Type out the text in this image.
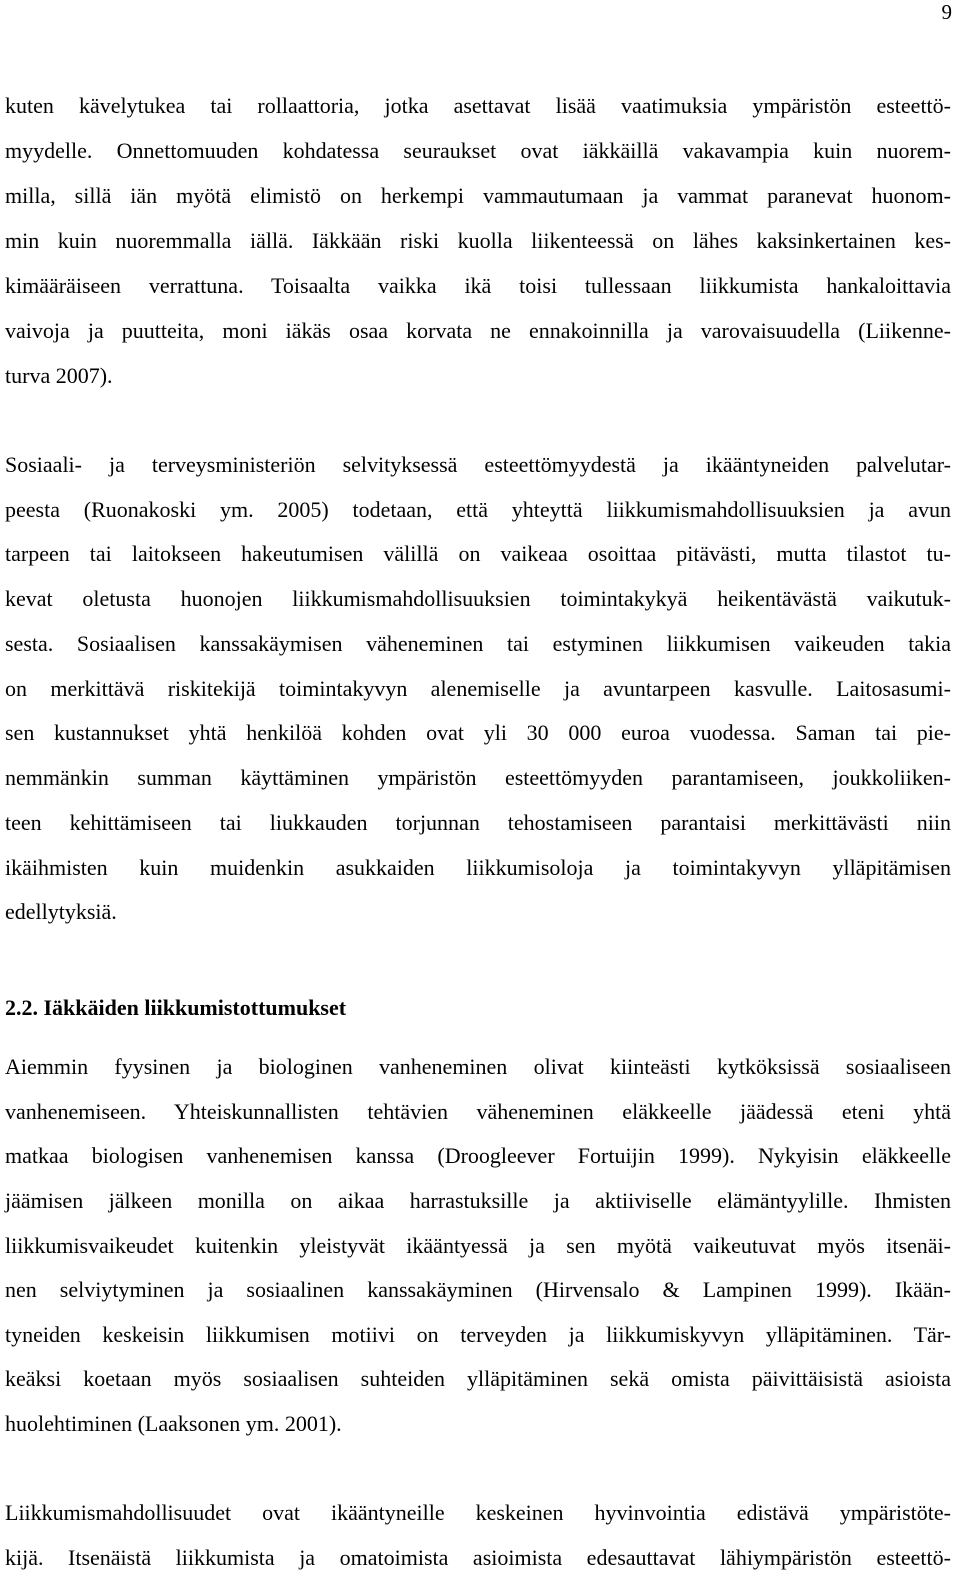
9
kuten kävelytukea tai rollaattoria, jotka asettavat lisää vaatimuksia ympäristön esteettö-
myydelle. Onnettomuuden kohdatessa seuraukset ovat iäkkäillä vakavampia kuin nuorem-
milla, sillä iän myötä elimistö on herkempi vammautumaan ja vammat paranevat huonom-
min kuin nuoremmalla iällä. Iäkkään riski kuolla liikenteessä on lähes kaksinkertainen kes-
kimääräiseen verrattuna. Toisaalta vaikka ikä toisi tullessaan liikkumista hankaloittavia
vaivoja ja puutteita, moni iäkäs osaa korvata ne ennakoinnilla ja varovaisuudella (Liikenne-
turva 2007).
Sosiaali- ja terveysministeriön selvityksessä esteettömyydestä ja ikääntyneiden palvelutar-
peesta (Ruonakoski ym. 2005) todetaan, että yhteyttä liikkumismahdollisuuksien ja avun
tarpeen tai laitokseen hakeutumisen välillä on vaikeaa osoittaa pitävästi, mutta tilastot tu-
kevat oletusta huonojen liikkumismahdollisuuksien toimintakykyä heikentävästä vaikutuk-
sesta. Sosiaalisen kanssakäymisen väheneminen tai estyminen liikkumisen vaikeuden takia
on merkittävä riskitekijä toimintakyvyn alenemiselle ja avuntarpeen kasvulle. Laitosasumi-
sen kustannukset yhtä henkilöä kohden ovat yli 30 000 euroa vuodessa. Saman tai pie-
nemmänkin summan käyttäminen ympäristön esteettömyyden parantamiseen, joukkoliiken-
teen kehittämiseen tai liukkauden torjunnan tehostamiseen parantaisi merkittävästi niin
ikäihmisten kuin muidenkin asukkaiden liikkumisoloja ja toimintakyvyn ylläpitämisen
edellytyksiä.
2.2. Iäkkäiden liikkumistottumukset
Aiemmin fyysinen ja biologinen vanheneminen olivat kiinteästi kytköksissä sosiaaliseen
vanhenemiseen. Yhteiskunnallisten tehtävien väheneminen eläkkeelle jäädessä eteni yhtä
matkaa biologisen vanhenemisen kanssa (Droogleever Fortuijin 1999). Nykyisin eläkkeelle
jäämisen jälkeen monilla on aikaa harrastuksille ja aktiiviselle elämäntyylille. Ihmisten
liikkumisvaikeudet kuitenkin yleistyvät ikääntyessä ja sen myötä vaikeutuvat myös itsenäi-
nen selviytyminen ja sosiaalinen kanssakäyminen (Hirvensalo & Lampinen 1999). Ikään-
tyneiden keskeisin liikkumisen motiivi on terveyden ja liikkumiskyvyn ylläpitäminen. Tär-
keäksi koetaan myös sosiaalisen suhteiden ylläpitäminen sekä omista päivittäisistä asioista
huolehtiminen (Laaksonen ym. 2001).
Liikkumismahdollisuudet ovat ikääntyneille keskeinen hyvinvointia edistävä ympäristöte-
kijä. Itsenäistä liikkumista ja omatoimista asioimista edesauttavat lähiympäristön esteettö-
